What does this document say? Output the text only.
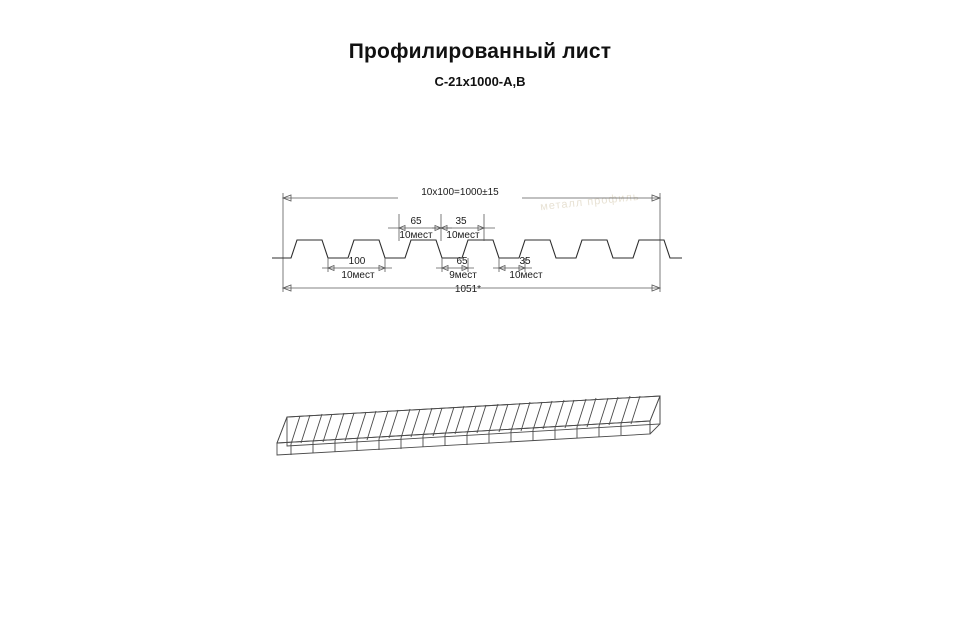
Профилированный лист
С-21х1000-А,В
металл профиль
10х100=1000±15
1051*
65
10мест
35
10мест
100
10мест
65
9мест
35
10мест
